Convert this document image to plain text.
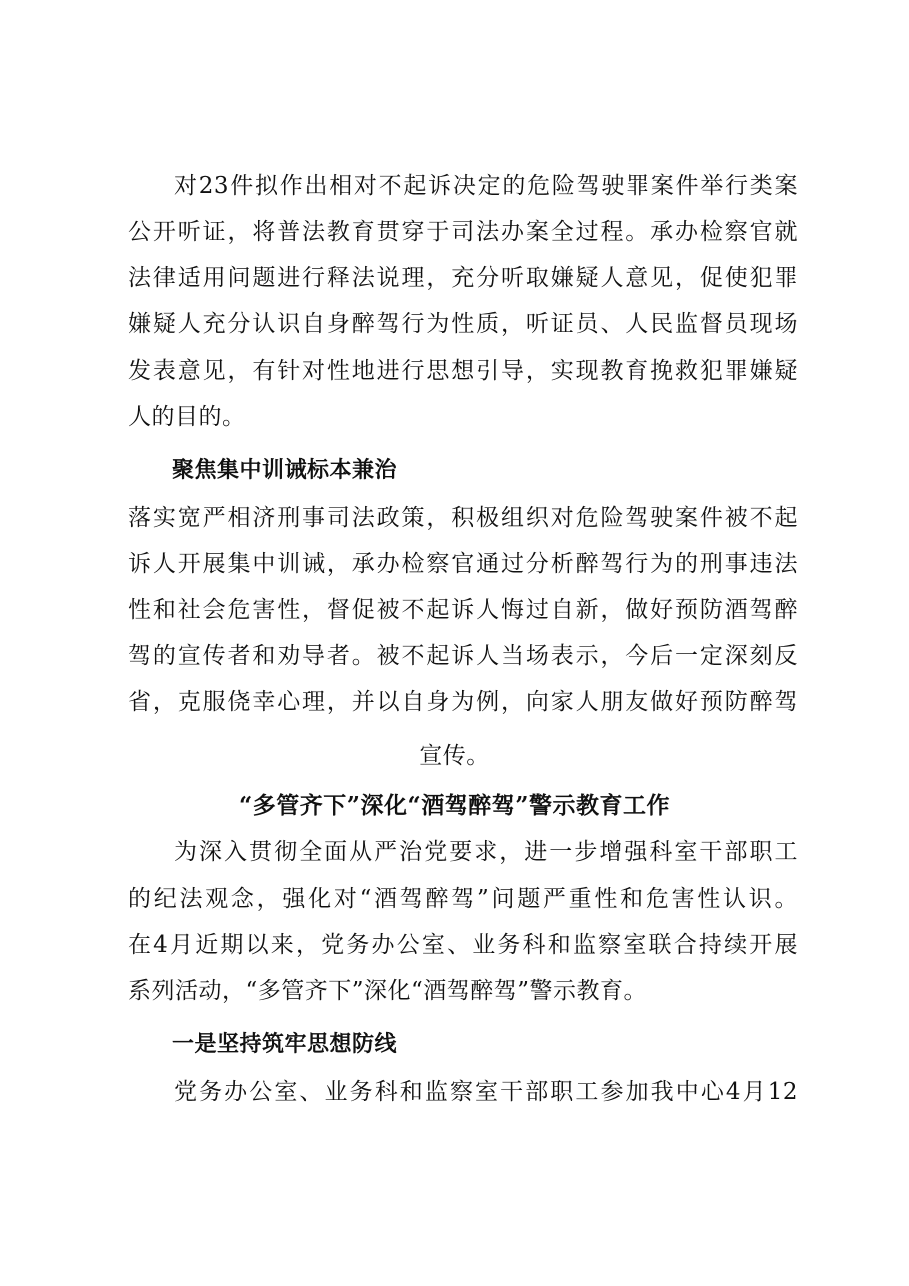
对23件拟作出相对不起诉决定的危险驾驶罪案件举行类案
公开听证，将普法教育贯穿于司法办案全过程。承办检察官就
法律适用问题进行释法说理，充分听取嫌疑人意见，促使犯罪
嫌疑人充分认识自身醉驾行为性质，听证员、人民监督员现场
发表意见，有针对性地进行思想引导，实现教育挽救犯罪嫌疑
人的目的。
聚焦集中训诫标本兼治
落实宽严相济刑事司法政策，积极组织对危险驾驶案件被不起
诉人开展集中训诫，承办检察官通过分析醉驾行为的刑事违法
性和社会危害性，督促被不起诉人悔过自新，做好预防酒驾醉
驾的宣传者和劝导者。被不起诉人当场表示，今后一定深刻反
省，克服侥幸心理，并以自身为例，向家人朋友做好预防醉驾
宣传。
“多管齐下”深化“酒驾醉驾”警示教育工作
为深入贯彻全面从严治党要求，进一步增强科室干部职工
的纪法观念，强化对“酒驾醉驾”问题严重性和危害性认识。
在4月近期以来，党务办公室、业务科和监察室联合持续开展
系列活动，“多管齐下”深化“酒驾醉驾”警示教育。
一是坚持筑牢思想防线
党务办公室、业务科和监察室干部职工参加我中心4月12
